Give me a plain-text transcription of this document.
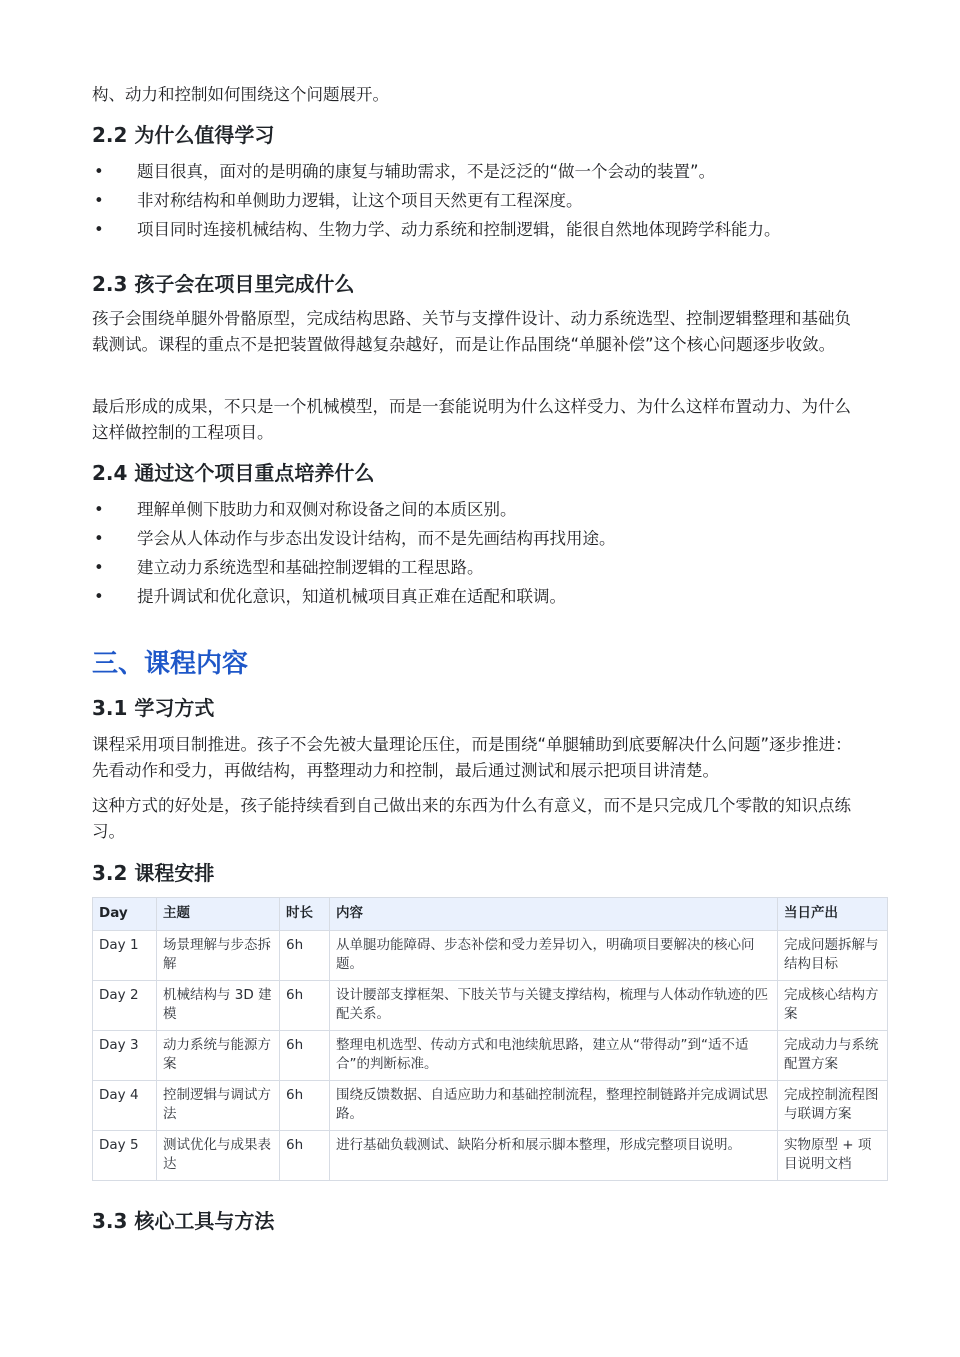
构、动力和控制如何围绕这个问题展开。

2.2 为什么值得学习
• 题目很真，面对的是明确的康复与辅助需求，不是泛泛的“做一个会动的装置”。
• 非对称结构和单侧助力逻辑，让这个项目天然更有工程深度。
• 项目同时连接机械结构、生物力学、动力系统和控制逻辑，能很自然地体现跨学科能力。
2.3 孩子会在项目里完成什么

孩子会围绕单腿外骨骼原型，完成结构思路、关节与支撑件设计、动力系统选型、控制逻辑整理和基础负载测试。课程的重点不是把装置做得越复杂越好，而是让作品围绕“单腿补偿”这个核心问题逐步收敛。

最后形成的成果，不只是一个机械模型，而是一套能说明为什么这样受力、为什么这样布置动力、为什么这样做控制的工程项目。

2.4 通过这个项目重点培养什么
• 理解单侧下肢助力和双侧对称设备之间的本质区别。
• 学会从人体动作与步态出发设计结构，而不是先画结构再找用途。
• 建立动力系统选型和基础控制逻辑的工程思路。
• 提升调试和优化意识，知道机械项目真正难在适配和联调。
三、课程内容
3.1 学习方式

课程采用项目制推进。孩子不会先被大量理论压住，而是围绕“单腿辅助到底要解决什么问题”逐步推进：先看动作和受力，再做结构，再整理动力和控制，最后通过测试和展示把项目讲清楚。

这种方式的好处是，孩子能持续看到自己做出来的东西为什么有意义，而不是只完成几个零散的知识点练习。

3.2 课程安排
Day	主题	时长	内容	当日产出
Day 1	场景理解与步态拆解	6h	从单腿功能障碍、步态补偿和受力差异切入，明确项目要解决的核心问题。	完成问题拆解与结构目标
Day 2	机械结构与 3D 建模	6h	设计腰部支撑框架、下肢关节与关键支撑结构，梳理与人体动作轨迹的匹配关系。	完成核心结构方案
Day 3	动力系统与能源方案	6h	整理电机选型、传动方式和电池续航思路，建立从“带得动”到“适不适合”的判断标准。	完成动力与系统配置方案
Day 4	控制逻辑与调试方法	6h	围绕反馈数据、自适应助力和基础控制流程，整理控制链路并完成调试思路。	完成控制流程图与联调方案
Day 5	测试优化与成果表达	6h	进行基础负载测试、缺陷分析和展示脚本整理，形成完整项目说明。	实物原型 + 项目说明文档
3.3 核心工具与方法
